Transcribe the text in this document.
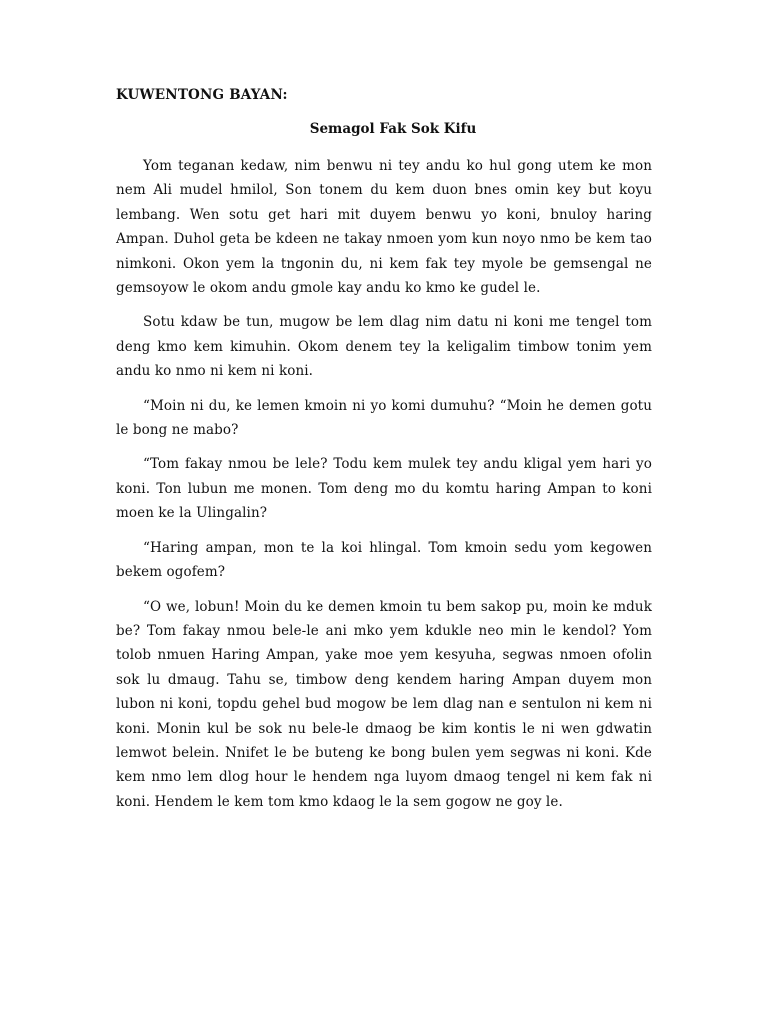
KUWENTONG BAYAN:

Semagol Fak Sok Kifu

Yom teganan kedaw, nim benwu ni tey andu ko hul gong utem ke mon nem Ali mudel hmilol, Son tonem du kem duon bnes omin key but koyu lembang. Wen sotu get hari mit duyem benwu yo koni, bnuloy haring Ampan. Duhol geta be kdeen ne takay nmoen yom kun noyo nmo be kem tao nimkoni. Okon yem la tngonin du, ni kem fak tey myole be gemsengal ne gemsoyow le okom andu gmole kay andu ko kmo ke gudel le.

Sotu kdaw be tun, mugow be lem dlag nim datu ni koni me tengel tom deng kmo kem kimuhin. Okom denem tey la keligalim timbow tonim yem andu ko nmo ni kem ni koni.

“Moin ni du, ke lemen kmoin ni yo komi dumuhu? “Moin he demen gotu le bong ne mabo?

“Tom fakay nmou be lele? Todu kem mulek tey andu kligal yem hari yo koni. Ton lubun me monen. Tom deng mo du komtu haring Ampan to koni moen ke la Ulingalin?

“Haring ampan, mon te la koi hlingal. Tom kmoin sedu yom kegowen bekem ogofem?

“O we, lobun! Moin du ke demen kmoin tu bem sakop pu, moin ke mduk be? Tom fakay nmou bele-le ani mko yem kdukle neo min le kendol? Yom tolob nmuen Haring Ampan, yake moe yem kesyuha, segwas nmoen ofolin sok lu dmaug. Tahu se, timbow deng kendem haring Ampan duyem mon lubon ni koni, topdu gehel bud mogow be lem dlag nan e sentulon ni kem ni koni. Monin kul be sok nu bele-le dmaog be kim kontis le ni wen gdwatin lemwot belein. Nnifet le be buteng ke bong bulen yem segwas ni koni. Kde kem nmo lem dlog hour le hendem nga luyom dmaog tengel ni kem fak ni koni. Hendem le kem tom kmo kdaog le la sem gogow ne goy le.
